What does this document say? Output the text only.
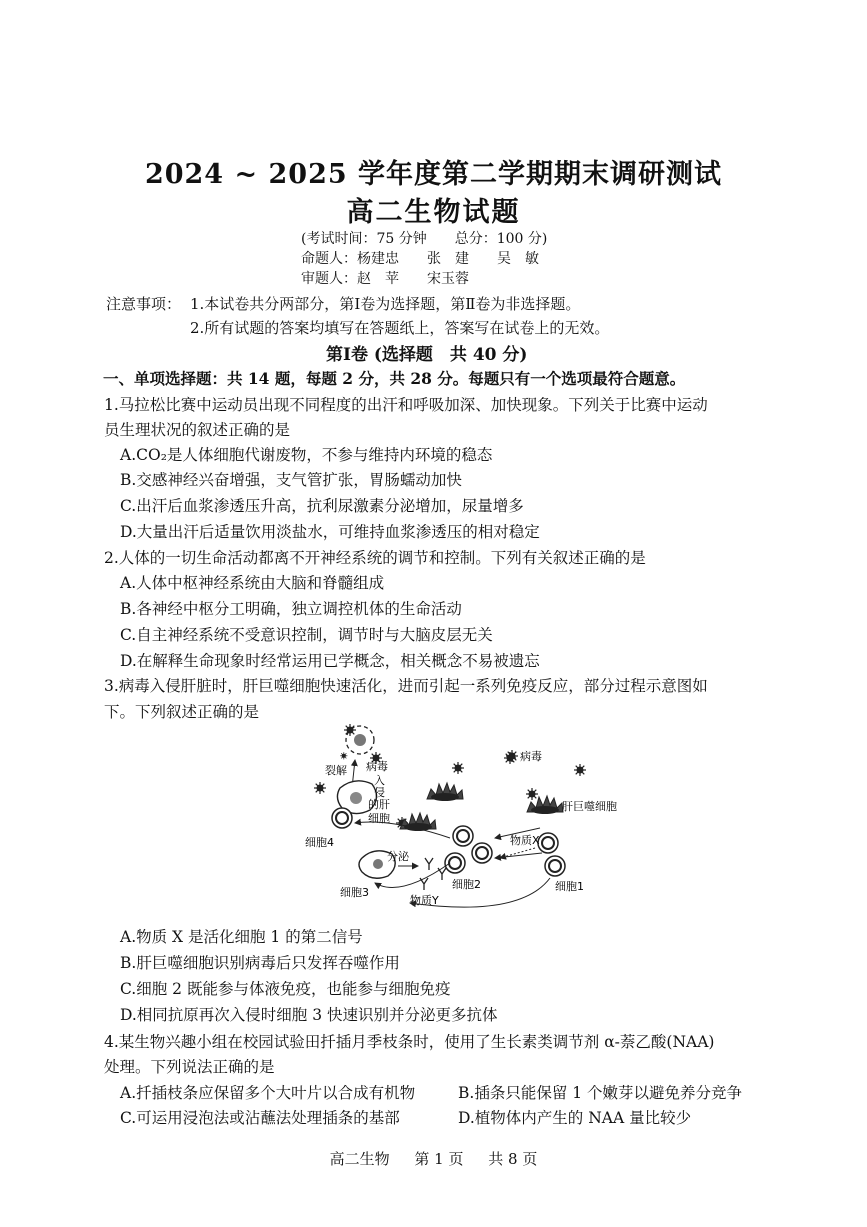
2024 ~ 2025 学年度第二学期期末调研测试
高二生物试题
(考试时间：75 分钟　　总分：100 分)
命题人：杨建忠　　张　建　　吴　敏
审题人：赵　苹　　宋玉蓉
注意事项： 1.本试卷共分两部分，第Ⅰ卷为选择题，第Ⅱ卷为非选择题。
2.所有试题的答案均填写在答题纸上，答案写在试卷上的无效。
第Ⅰ卷 (选择题　共 40 分)
一、单项选择题：共 14 题，每题 2 分，共 28 分。每题只有一个选项最符合题意。
1.马拉松比赛中运动员出现不同程度的出汗和呼吸加深、加快现象。下列关于比赛中运动
员生理状况的叙述正确的是
A.CO₂是人体细胞代谢废物，不参与维持内环境的稳态
B.交感神经兴奋增强，支气管扩张，胃肠蠕动加快
C.出汗后血浆渗透压升高，抗利尿激素分泌增加，尿量增多
D.大量出汗后适量饮用淡盐水，可维持血浆渗透压的相对稳定
2.人体的一切生命活动都离不开神经系统的调节和控制。下列有关叙述正确的是
A.人体中枢神经系统由大脑和脊髓组成
B.各神经中枢分工明确，独立调控机体的生命活动
C.自主神经系统不受意识控制，调节时与大脑皮层无关
D.在解释生命现象时经常运用已学概念，相关概念不易被遗忘
3.病毒入侵肝脏时，肝巨噬细胞快速活化，进而引起一系列免疫反应，部分过程示意图如
下。下列叙述正确的是
裂解 病毒
入
侵
的肝
细胞
病毒
肝巨噬细胞
细胞4
细胞1
物质X
细胞2
细胞3
分泌
物质Y
A.物质 X 是活化细胞 1 的第二信号
B.肝巨噬细胞识别病毒后只发挥吞噬作用
C.细胞 2 既能参与体液免疫，也能参与细胞免疫
D.相同抗原再次入侵时细胞 3 快速识别并分泌更多抗体
4.某生物兴趣小组在校园试验田扦插月季枝条时，使用了生长素类调节剂 α-萘乙酸(NAA)
处理。下列说法正确的是
A.扦插枝条应保留多个大叶片以合成有机物	B.插条只能保留 1 个嫩芽以避免养分竞争
C.可运用浸泡法或沾蘸法处理插条的基部	D.植物体内产生的 NAA 量比较少
高二生物 第 1 页 共 8 页
